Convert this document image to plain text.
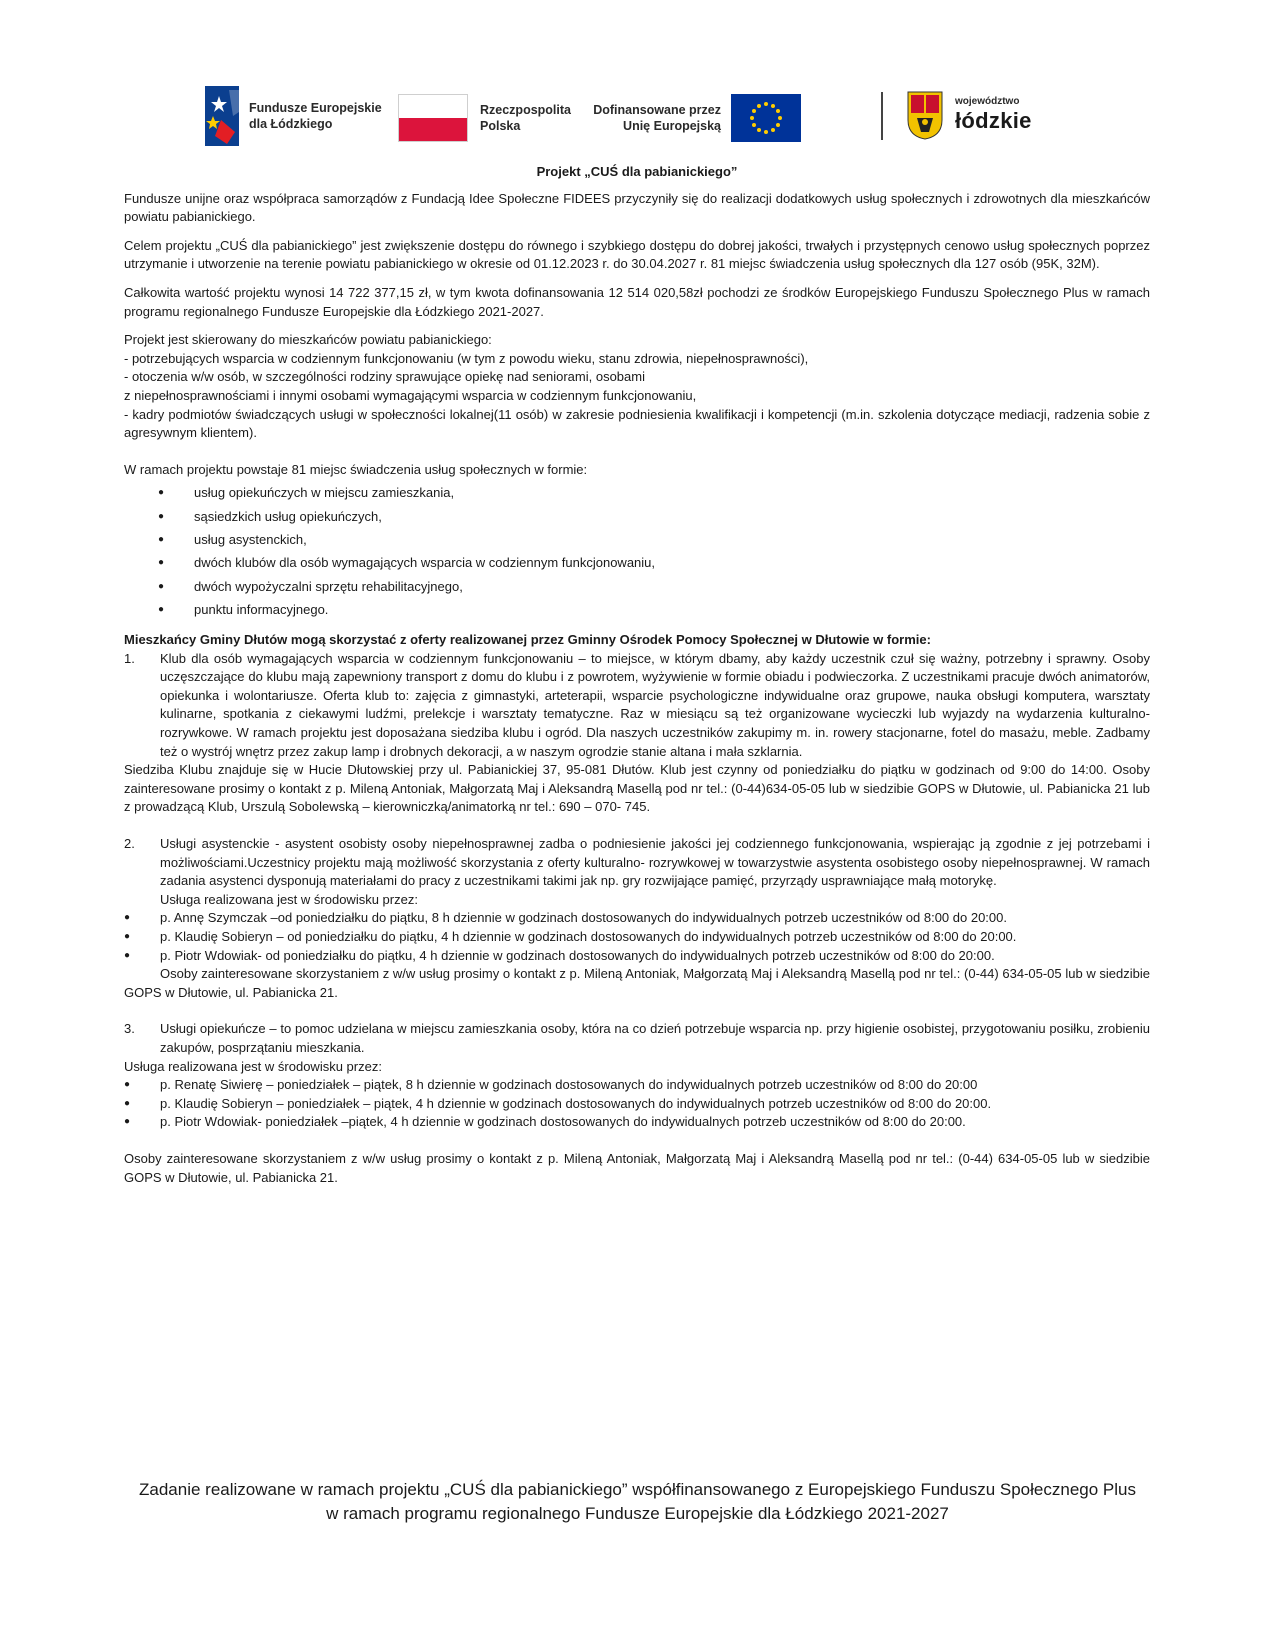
Fundusze Europejskie
dla Łódzkiego
Rzeczpospolita
Polska
Dofinansowane przez
Unię Europejską
województwo
łódzkie

Projekt „CUŚ dla pabianickiego”

Fundusze unijne oraz współpraca samorządów z Fundacją Idee Społeczne FIDEES przyczyniły się do realizacji dodatkowych usług społecznych i zdrowotnych dla mieszkańców powiatu pabianickiego.

Celem projektu „CUŚ dla pabianickiego” jest zwiększenie dostępu do równego i szybkiego dostępu do dobrej jakości, trwałych i przystępnych cenowo usług społecznych poprzez utrzymanie i utworzenie na terenie powiatu pabianickiego w okresie od 01.12.2023 r. do 30.04.2027 r. 81 miejsc świadczenia usług społecznych dla 127 osób (95K, 32M).

Całkowita wartość projektu wynosi 14 722 377,15 zł, w tym kwota dofinansowania 12 514 020,58zł pochodzi ze środków Europejskiego Funduszu Społecznego Plus w ramach programu regionalnego Fundusze Europejskie dla Łódzkiego 2021-2027.

Projekt jest skierowany do mieszkańców powiatu pabianickiego:

- potrzebujących wsparcia w codziennym funkcjonowaniu (w tym z powodu wieku, stanu zdrowia, niepełnosprawności),

- otoczenia w/w osób, w szczególności rodziny sprawujące opiekę nad seniorami, osobami

z niepełnosprawnościami i innymi osobami wymagającymi wsparcia w codziennym funkcjonowaniu,

- kadry podmiotów świadczących usługi w społeczności lokalnej(11 osób) w zakresie podniesienia kwalifikacji i kompetencji (m.in. szkolenia dotyczące mediacji, radzenia sobie z agresywnym klientem).

W ramach projektu powstaje 81 miejsc świadczenia usług społecznych w formie:

● usług opiekuńczych w miejscu zamieszkania,
● sąsiedzkich usług opiekuńczych,
● usług asystenckich,
● dwóch klubów dla osób wymagających wsparcia w codziennym funkcjonowaniu,
● dwóch wypożyczalni sprzętu rehabilitacyjnego,
● punktu informacyjnego.

Mieszkańcy Gminy Dłutów mogą skorzystać z oferty realizowanej przez Gminny Ośrodek Pomocy Społecznej w Dłutowie w formie:

1. Klub dla osób wymagających wsparcia w codziennym funkcjonowaniu – to miejsce, w którym dbamy, aby każdy uczestnik czuł się ważny, potrzebny i sprawny. Osoby uczęszczające do klubu mają zapewniony transport z domu do klubu i z powrotem, wyżywienie w formie obiadu i podwieczorka. Z uczestnikami pracuje dwóch animatorów, opiekunka i wolontariusze. Oferta klub to: zajęcia z gimnastyki, arteterapii, wsparcie psychologiczne indywidualne oraz grupowe, nauka obsługi komputera, warsztaty kulinarne, spotkania z ciekawymi ludźmi, prelekcje i warsztaty tematyczne. Raz w miesiącu są też organizowane wycieczki lub wyjazdy na wydarzenia kulturalno-rozrywkowe. W ramach projektu jest doposażana siedziba klubu i ogród. Dla naszych uczestników zakupimy m. in. rowery stacjonarne, fotel do masażu, meble. Zadbamy też o wystrój wnętrz przez zakup lamp i drobnych dekoracji, a w naszym ogrodzie stanie altana i mała szklarnia.

Siedziba Klubu znajduje się w Hucie Dłutowskiej przy ul. Pabianickiej 37, 95-081 Dłutów. Klub jest czynny od poniedziałku do piątku w godzinach od 9:00 do 14:00. Osoby zainteresowane prosimy o kontakt z p. Mileną Antoniak, Małgorzatą Maj i Aleksandrą Masellą pod nr tel.: (0-44)634-05-05 lub w siedzibie GOPS w Dłutowie, ul. Pabianicka 21 lub z prowadzącą Klub, Urszulą Sobolewską – kierowniczką/animatorką nr tel.: 690 – 070- 745.

2. Usługi asystenckie - asystent osobisty osoby niepełnosprawnej zadba o podniesienie jakości jej codziennego funkcjonowania, wspierając ją zgodnie z jej potrzebami i możliwościami.Uczestnicy projektu mają możliwość skorzystania z oferty kulturalno- rozrywkowej w towarzystwie asystenta osobistego osoby niepełnosprawnej. W ramach zadania asystenci dysponują materiałami do pracy z uczestnikami takimi jak np. gry rozwijające pamięć, przyrządy usprawniające małą motorykę.

Usługa realizowana jest w środowisku przez:

● p. Annę Szymczak –od poniedziałku do piątku, 8 h dziennie w godzinach dostosowanych do indywidualnych potrzeb uczestników od 8:00 do 20:00.

● p. Klaudię Sobieryn – od poniedziałku do piątku, 4 h dziennie w godzinach dostosowanych do indywidualnych potrzeb uczestników od 8:00 do 20:00.

● p. Piotr Wdowiak- od poniedziałku do piątku, 4 h dziennie w godzinach dostosowanych do indywidualnych potrzeb uczestników od 8:00 do 20:00.

Osoby zainteresowane skorzystaniem z w/w usług prosimy o kontakt z p. Mileną Antoniak, Małgorzatą Maj i Aleksandrą Masellą pod nr tel.: (0-44) 634-05-05 lub w siedzibie GOPS w Dłutowie, ul. Pabianicka 21.

3. Usługi opiekuńcze – to pomoc udzielana w miejscu zamieszkania osoby, która na co dzień potrzebuje wsparcia np. przy higienie osobistej, przygotowaniu posiłku, zrobieniu zakupów, posprzątaniu mieszkania.

Usługa realizowana jest w środowisku przez:

● p. Renatę Siwierę – poniedziałek – piątek, 8 h dziennie w godzinach dostosowanych do indywidualnych potrzeb uczestników od 8:00 do 20:00

● p. Klaudię Sobieryn – poniedziałek – piątek, 4 h dziennie w godzinach dostosowanych do indywidualnych potrzeb uczestników od 8:00 do 20:00.

● p. Piotr Wdowiak- poniedziałek –piątek, 4 h dziennie w godzinach dostosowanych do indywidualnych potrzeb uczestników od 8:00 do 20:00.

Osoby zainteresowane skorzystaniem z w/w usług prosimy o kontakt z p. Mileną Antoniak, Małgorzatą Maj i Aleksandrą Masellą pod nr tel.: (0-44) 634-05-05 lub w siedzibie GOPS w Dłutowie, ul. Pabianicka 21.

Zadanie realizowane w ramach projektu „CUŚ dla pabianickiego” współfinansowanego z Europejskiego Funduszu Społecznego Plus
w ramach programu regionalnego Fundusze Europejskie dla Łódzkiego 2021-2027
